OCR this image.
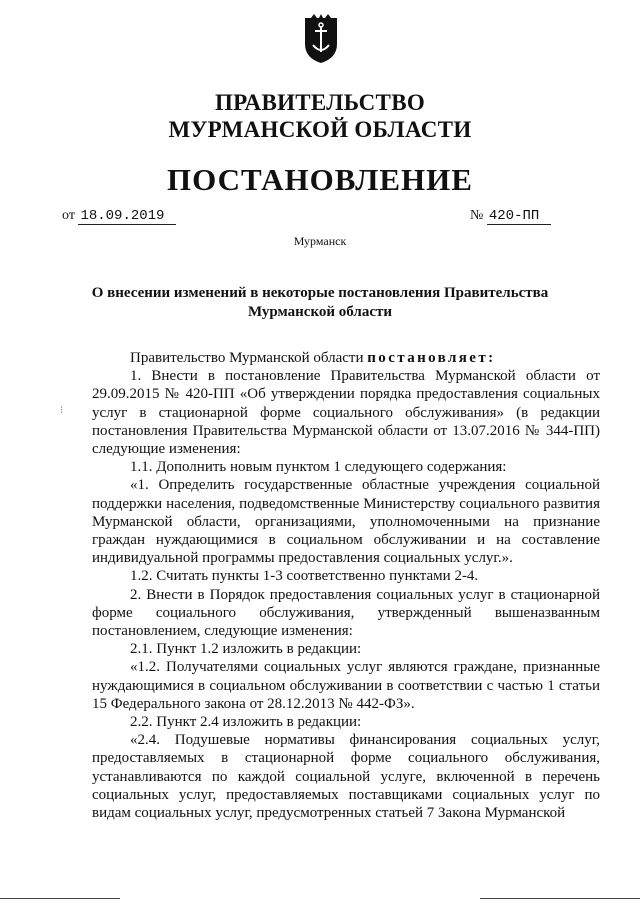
ПРАВИТЕЛЬСТВО
МУРМАНСКОЙ ОБЛАСТИ
ПОСТАНОВЛЕНИЕ
от 18.09.2019	№ 420-ПП
Мурманск
О внесении изменений в некоторые постановления Правительства
Мурманской области

Правительство Мурманской области постановляет:

1. Внести в постановление Правительства Мурманской области от 29.09.2015 № 420-ПП «Об утверждении порядка предоставления социальных услуг в стационарной форме социального обслуживания» (в редакции постановления Правительства Мурманской области от 13.07.2016 № 344-ПП) следующие изменения:

1.1. Дополнить новым пунктом 1 следующего содержания:

«1. Определить государственные областные учреждения социальной поддержки населения, подведомственные Министерству социального развития Мурманской области, организациями, уполномоченными на признание граждан нуждающимися в социальном обслуживании и на составление индивидуальной программы предоставления социальных услуг.».

1.2. Считать пункты 1-3 соответственно пунктами 2-4.

2. Внести в Порядок предоставления социальных услуг в стационарной форме социального обслуживания, утвержденный вышеназванным постановлением, следующие изменения:

2.1. Пункт 1.2 изложить в редакции:

«1.2. Получателями социальных услуг являются граждане, признанные нуждающимися в социальном обслуживании в соответствии с частью 1 статьи 15 Федерального закона от 28.12.2013 № 442-ФЗ».

2.2. Пункт 2.4 изложить в редакции:

«2.4. Подушевые нормативы финансирования социальных услуг, предоставляемых в стационарной форме социального обслуживания, устанавливаются по каждой социальной услуге, включенной в перечень социальных услуг, предоставляемых поставщиками социальных услуг по видам социальных услуг, предусмотренных статьей 7 Закона Мурманской

⁝
